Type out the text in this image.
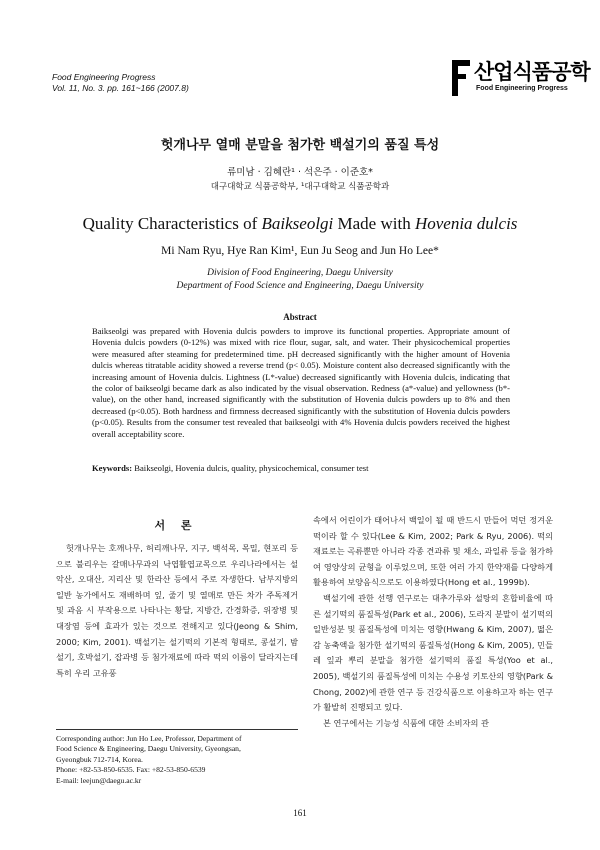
Food Engineering Progress
Vol. 11, No. 3. pp. 161~166 (2007.8)
산업식품공학
Food Engineering Progress
헛개나무 열매 분말을 첨가한 백설기의 품질 특성
류미남 · 김혜란¹ · 석은주 · 이준호*
대구대학교 식품공학부, ¹대구대학교 식품공학과
Quality Characteristics of Baikseolgi Made with Hovenia dulcis
Mi Nam Ryu, Hye Ran Kim¹, Eun Ju Seog and Jun Ho Lee*
Division of Food Engineering, Daegu University
Department of Food Science and Engineering, Daegu University
Abstract
Baikseolgi was prepared with Hovenia dulcis powders to improve its functional properties. Appropriate amount of Hovenia dulcis powders (0-12%) was mixed with rice flour, sugar, salt, and water. Their physicochemical properties were measured after steaming for predetermined time. pH decreased significantly with the higher amount of Hovenia dulcis whereas titratable acidity showed a reverse trend (p< 0.05). Moisture content also decreased significantly with the increasing amount of Hovenia dulcis. Lightness (L*-value) decreased significantly with Hovenia dulcis, indicating that the color of baikseolgi became dark as also indicated by the visual observation. Redness (a*-value) and yellowness (b*-value), on the other hand, increased significantly with the substitution of Hovenia dulcis powders up to 8% and then decreased (p<0.05). Both hardness and firmness decreased significantly with the substitution of Hovenia dulcis powders (p<0.05). Results from the consumer test revealed that baikseolgi with 4% Hovenia dulcis powders received the highest overall acceptability score.
Keywords: Baikseolgi, Hovenia dulcis, quality, physicochemical, consumer test
서 론

헛개나무는 호깨나무, 허리깨나무, 지구, 백석목, 목밀, 현포리 등으로 불리우는 갈매나무과의 낙엽활엽교목으로 우리나라에서는 설악산, 오대산, 지리산 및 한라산 등에서 주로 자생한다. 남부지방의 일반 농가에서도 재배하며 잎, 줄기 및 열매로 만든 차가 주독제거 및 과음 시 부작용으로 나타나는 황달, 지방간, 간경화증, 위장병 및 대장염 등에 효과가 있는 것으로 전해지고 있다(Jeong & Shim, 2000; Kim, 2001). 백설기는 설기떡의 기본적 형태로, 콩설기, 밤설기, 호박설기, 잡과병 등 첨가재료에 따라 떡의 이름이 달라지는데 특히 우리 고유풍

속에서 어린이가 태어나서 백일이 될 때 반드시 만들어 먹던 정겨운 떡이라 할 수 있다(Lee & Kim, 2002; Park & Ryu, 2006). 떡의 재료로는 곡류뿐만 아니라 각종 견과류 및 채소, 과일류 등을 첨가하여 영양상의 균형을 이루었으며, 또한 여러 가지 한약재를 다양하게 활용하여 보양음식으로도 이용하였다(Hong et al., 1999b).

백설기에 관한 선행 연구로는 대추가루와 설탕의 혼합비율에 따른 설기떡의 품질특성(Park et al., 2006), 도라지 분말이 설기떡의 일반성분 및 품질특성에 미치는 영향(Hwang & Kim, 2007), 떫은 감 농축액을 첨가한 설기떡의 품질특성(Hong & Kim, 2005), 민들레 잎과 뿌리 분말을 첨가한 설기떡의 품질 특성(Yoo et al., 2005), 백설기의 품질특성에 미치는 수용성 키토산의 영향(Park & Chong, 2002)에 관한 연구 등 건강식품으로 이용하고자 하는 연구가 활발히 진행되고 있다.

본 연구에서는 기능성 식품에 대한 소비자의 관

Corresponding author: Jun Ho Lee, Professor, Department of
Food Science & Engineering, Daegu University, Gyeongsan,
Gyeongbuk 712-714, Korea.
Phone: +82-53-850-6535. Fax: +82-53-850-6539
E-mail: leejun@daegu.ac.kr
161
